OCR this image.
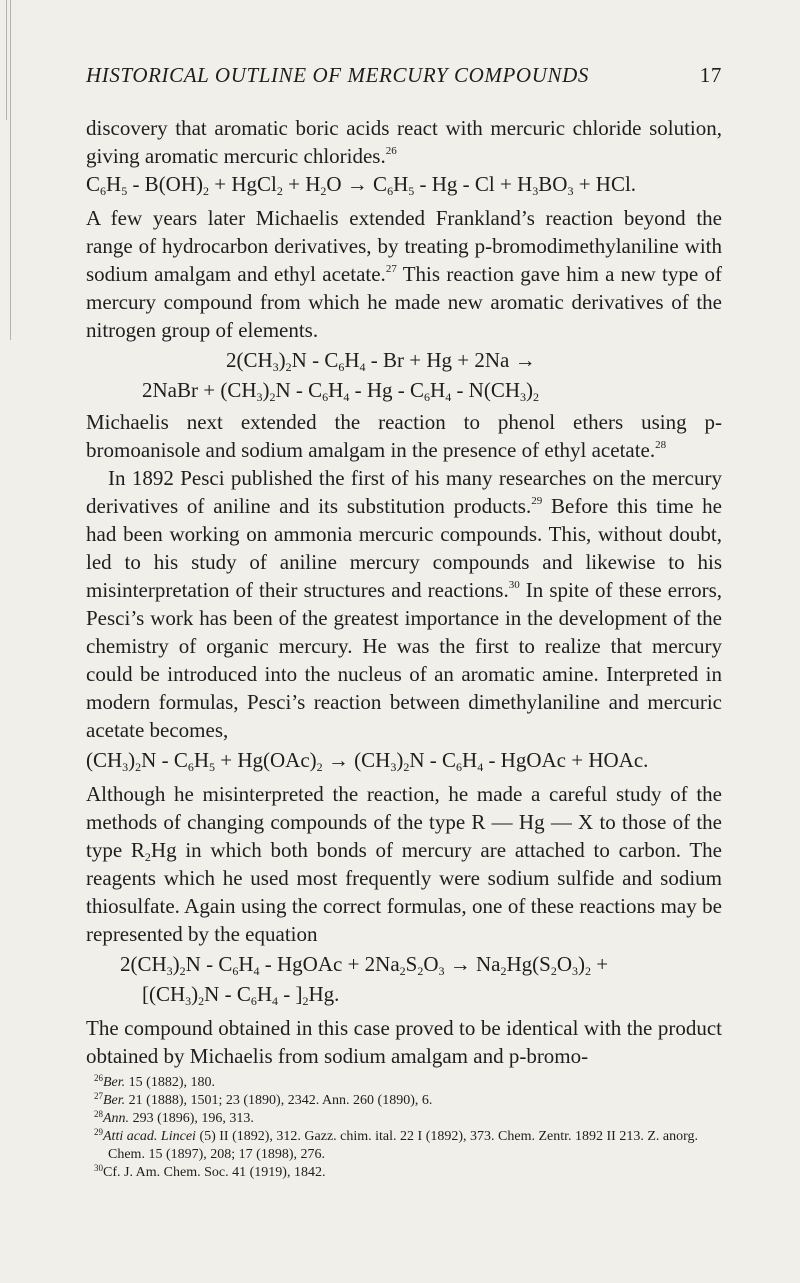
HISTORICAL OUTLINE OF MERCURY COMPOUNDS	17

discovery that aromatic boric acids react with mercuric chloride solution, giving aromatic mercuric chlorides.$^{26}$

$C_6H_5 - B(OH)_2$ + HgCl$_2$ + $H_2O \to C_6H_5 - Hg - Cl + H_3BO_3$ + HCl.

A few years later Michaelis extended Frankland’s reaction beyond the range of hydrocarbon derivatives, by treating p-bromodimethylaniline with sodium amalgam and ethyl acetate.$^{27}$ This reaction gave him a new type of mercury compound from which he made new aromatic derivatives of the nitrogen group of elements.

$2(CH_3)_2N - C_6H_4 - Br + Hg + 2Na$ →
2NaBr + $(CH_3)_2N - C_6H_4$ - Hg - $C_6H_4 - N(CH_3)_2$

Michaelis next extended the reaction to phenol ethers using p-bromoanisole and sodium amalgam in the presence of ethyl acetate.$^{28}$

In 1892 Pesci published the first of his many researches on the mercury derivatives of aniline and its substitution products.$^{29}$ Before this time he had been working on ammonia mercuric compounds. This, without doubt, led to his study of aniline mercury compounds and likewise to his misinterpretation of their structures and reactions.$^{30}$ In spite of these errors, Pesci’s work has been of the greatest importance in the development of the chemistry of organic mercury. He was the first to realize that mercury could be introduced into the nucleus of an aromatic amine. Interpreted in modern formulas, Pesci’s reaction between dimethylaniline and mercuric acetate becomes,

$(CH_3)_2N - C_6H_5 + Hg(OAc)_2 \to (CH_3)_2N - C_6H_4$ - HgOAc + HOAc.

Although he misinterpreted the reaction, he made a careful study of the methods of changing compounds of the type R — Hg — X to those of the type $R_2Hg$ in which both bonds of mercury are attached to carbon. The reagents which he used most frequently were sodium sulfide and sodium thiosulfate. Again using the correct formulas, one of these reactions may be represented by the equation

$2(CH_3)_2N - C_6H_4$ - HgOAc + $2Na_2S_2O_3 \to Na_2Hg(S_2O_3)_2$ +
$[(CH_3)_2N - C_6H_4 - ]_2Hg$.

The compound obtained in this case proved to be identical with the product obtained by Michaelis from sodium amalgam and p-bromo-

$^{26}$Ber. 15 (1882), 180.
$^{27}$Ber. 21 (1888), 1501; 23 (1890), 2342. Ann. 260 (1890), 6.
$^{28}$Ann. 293 (1896), 196, 313.
$^{29}$Atti acad. Lincei (5) II (1892), 312. Gazz. chim. ital. 22 I (1892), 373. Chem. Zentr. 1892 II 213. Z. anorg. Chem. 15 (1897), 208; 17 (1898), 276.
$^{30}$Cf. J. Am. Chem. Soc. 41 (1919), 1842.
